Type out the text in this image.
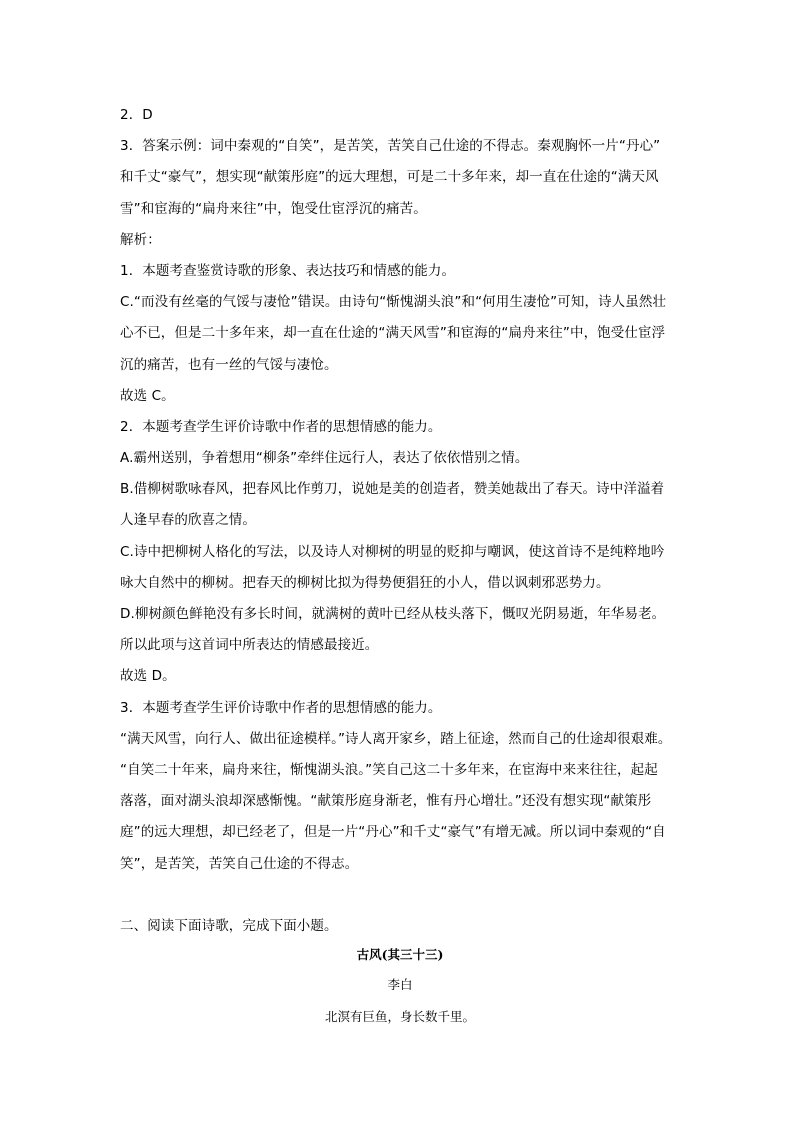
2．D
3．答案示例：词中秦观的“自笑”，是苦笑，苦笑自己仕途的不得志。秦观胸怀一片“丹心”
和千丈“豪气”，想实现“献策彤庭”的远大理想，可是二十多年来，却一直在仕途的“满天风
雪”和宦海的“扁舟来往”中，饱受仕宦浮沉的痛苦。
解析：
1．本题考查鉴赏诗歌的形象、表达技巧和情感的能力。
C.“而没有丝毫的气馁与凄怆”错误。由诗句“惭愧湖头浪”和“何用生凄怆”可知，诗人虽然壮
心不已，但是二十多年来，却一直在仕途的“满天风雪”和宦海的“扁舟来往”中，饱受仕宦浮
沉的痛苦，也有一丝的气馁与凄怆。
故选 C。
2．本题考查学生评价诗歌中作者的思想情感的能力。
A.霸州送别，争着想用“柳条”牵绊住远行人，表达了依依惜别之情。
B.借柳树歌咏春风，把春风比作剪刀，说她是美的创造者，赞美她裁出了春天。诗中洋溢着
人逢早春的欣喜之情。
C.诗中把柳树人格化的写法，以及诗人对柳树的明显的贬抑与嘲讽，使这首诗不是纯粹地吟
咏大自然中的柳树。把春天的柳树比拟为得势便猖狂的小人，借以讽刺邪恶势力。
D.柳树颜色鲜艳没有多长时间，就满树的黄叶已经从枝头落下，慨叹光阴易逝，年华易老。
所以此项与这首词中所表达的情感最接近。
故选 D。
3．本题考查学生评价诗歌中作者的思想情感的能力。
“满天风雪，向行人、做出征途模样。”诗人离开家乡，踏上征途，然而自己的仕途却很艰难。
“自笑二十年来，扁舟来往，惭愧湖头浪。”笑自己这二十多年来，在宦海中来来往往，起起
落落，面对湖头浪却深感惭愧。“献策彤庭身渐老，惟有丹心增壮。”还没有想实现“献策彤
庭”的远大理想，却已经老了，但是一片“丹心”和千丈“豪气”有增无减。所以词中秦观的“自
笑”，是苦笑，苦笑自己仕途的不得志。
二、阅读下面诗歌，完成下面小题。
古风(其三十三)
李白
北溟有巨鱼，身长数千里。
